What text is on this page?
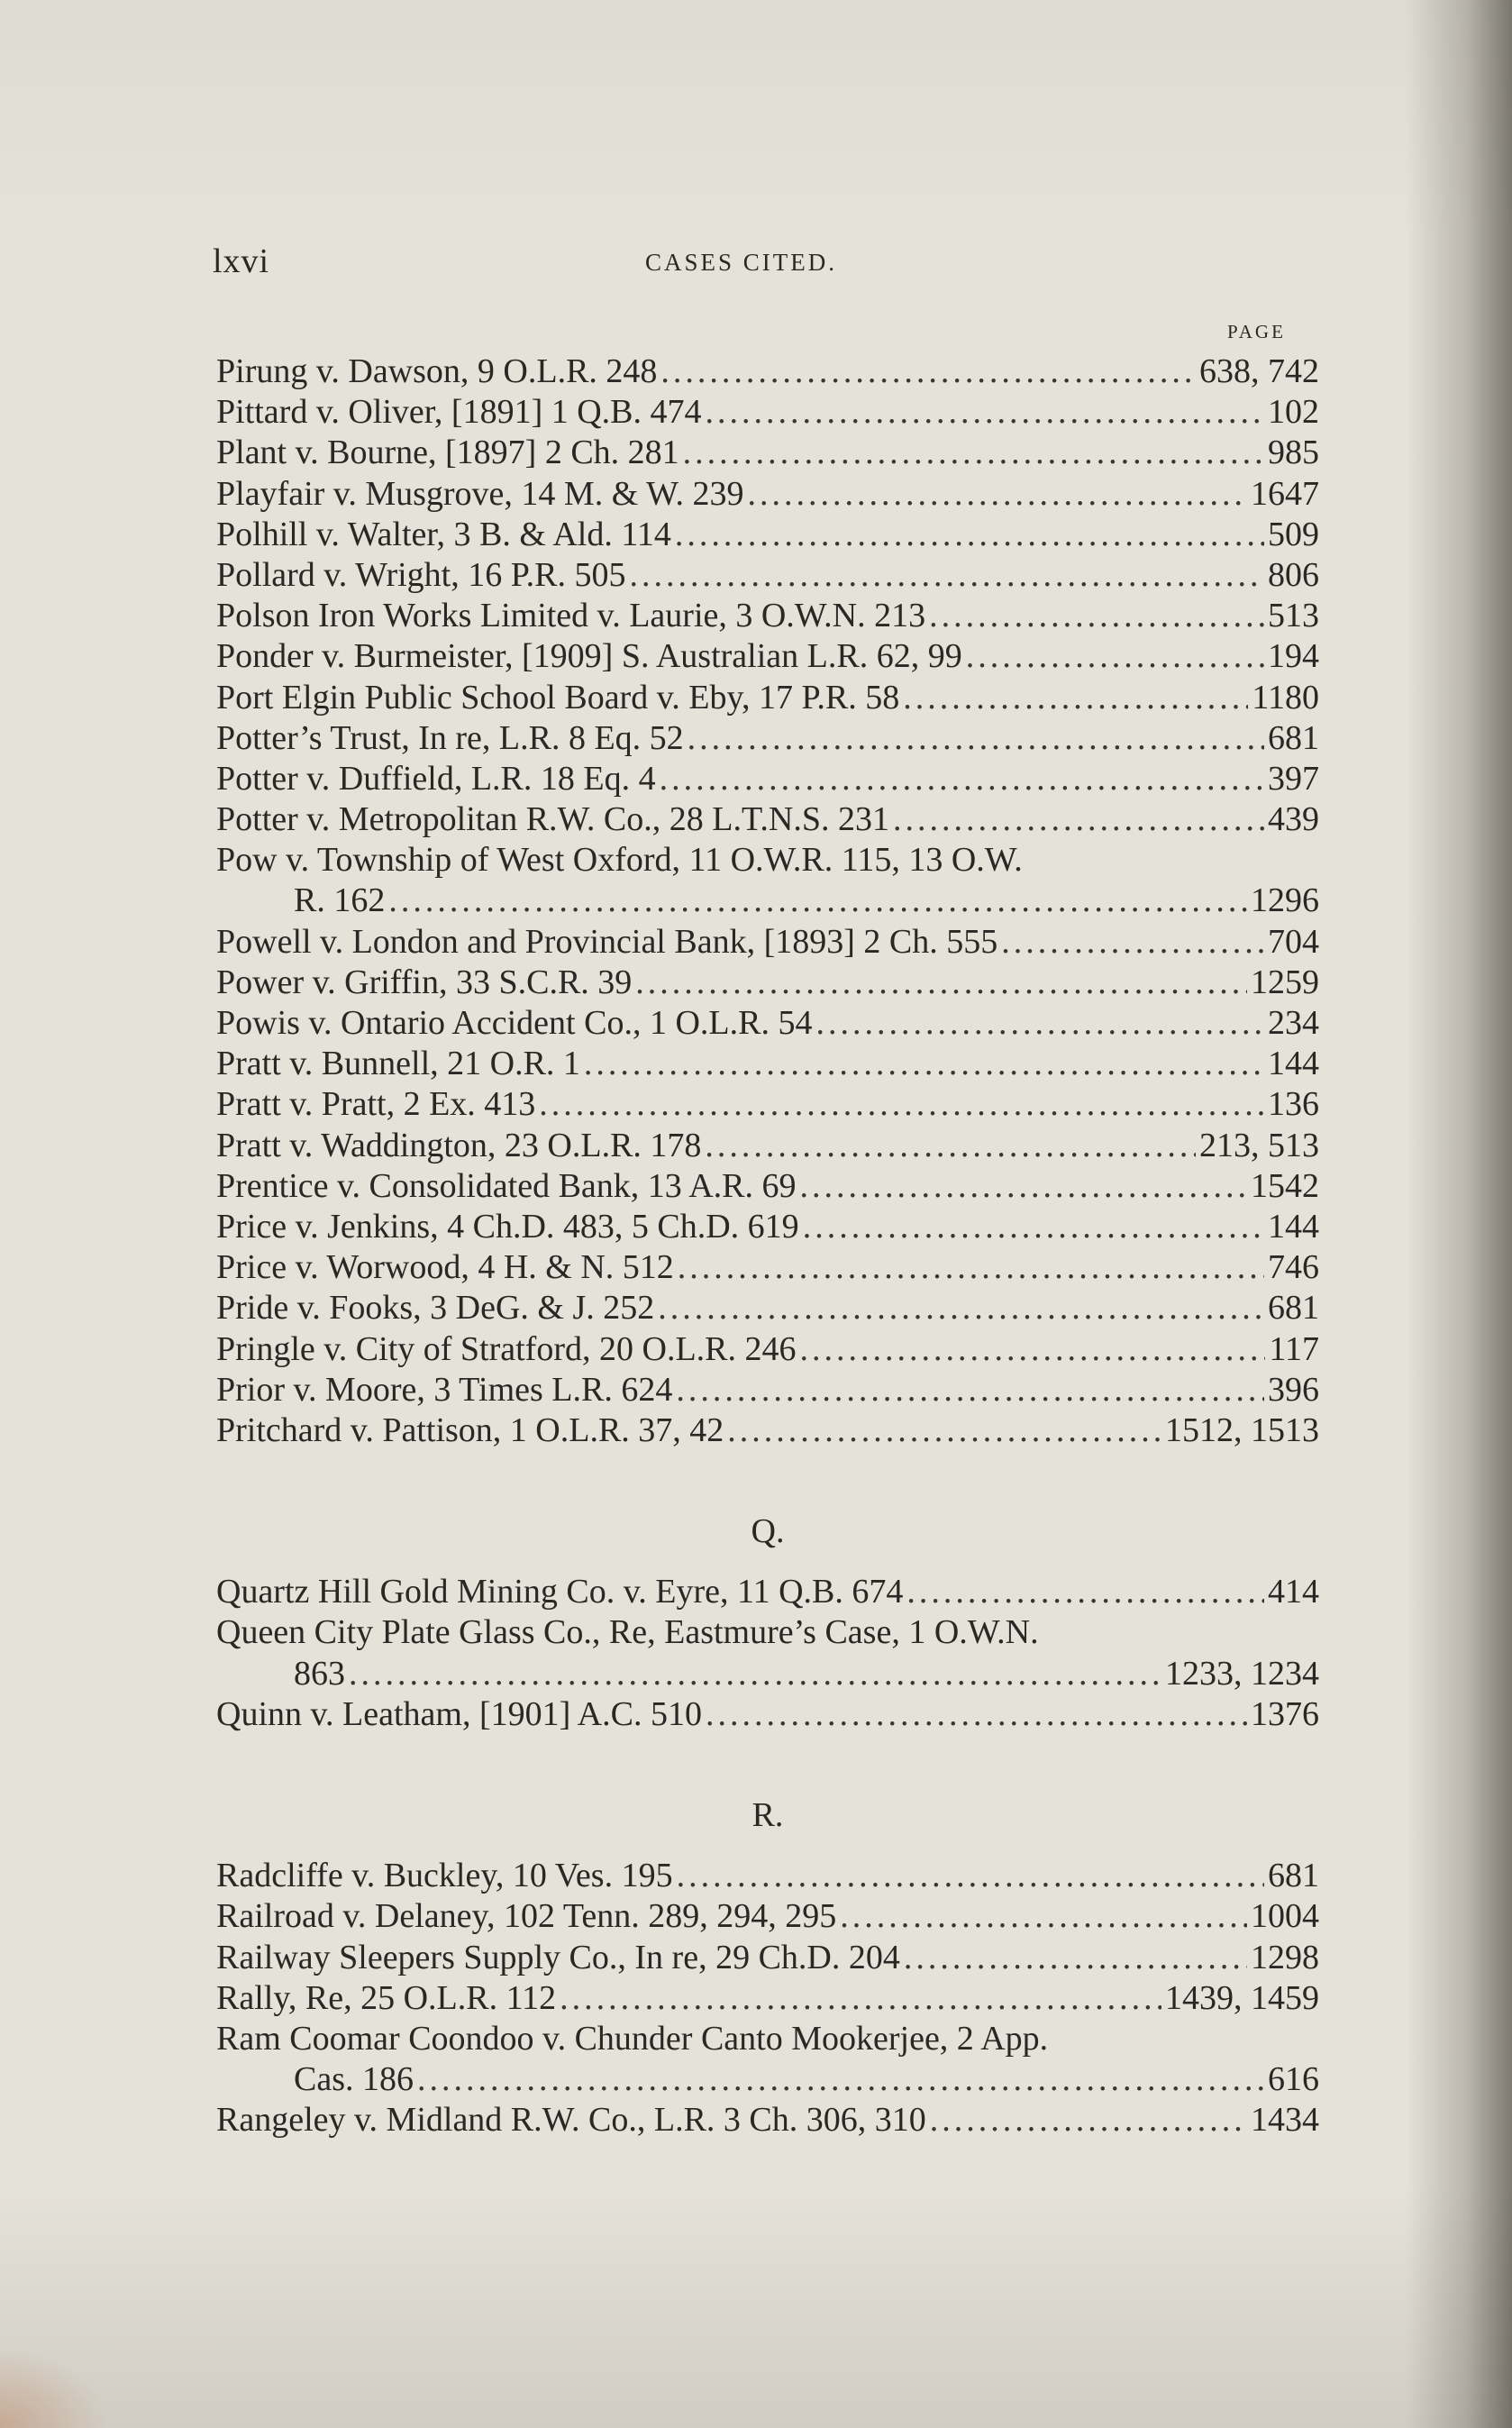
lxvi	CASES CITED.
PAGE
Pirung v. Dawson, 9 O.L.R. 248 .....	638, 742
Pittard v. Oliver, [1891] 1 Q.B. 474 .....	102
Plant v. Bourne, [1897] 2 Ch. 281 .....	985
Playfair v. Musgrove, 14 M. & W. 239 .....	1647
Polhill v. Walter, 3 B. & Ald. 114 .....	509
Pollard v. Wright, 16 P.R. 505 .....	806
Polson Iron Works Limited v. Laurie, 3 O.W.N. 213 .....	513
Ponder v. Burmeister, [1909] S. Australian L.R. 62, 99 .....	194
Port Elgin Public School Board v. Eby, 17 P.R. 58 .....	1180
Potter’s Trust, In re, L.R. 8 Eq. 52 .....	681
Potter v. Duffield, L.R. 18 Eq. 4 .....	397
Potter v. Metropolitan R.W. Co., 28 L.T.N.S. 231 .....	439
Pow v. Township of West Oxford, 11 O.W.R. 115, 13 O.W.
R. 162 .....	1296
Powell v. London and Provincial Bank, [1893] 2 Ch. 555 .....	704
Power v. Griffin, 33 S.C.R. 39 .....	1259
Powis v. Ontario Accident Co., 1 O.L.R. 54 .....	234
Pratt v. Bunnell, 21 O.R. 1 .....	144
Pratt v. Pratt, 2 Ex. 413 .....	136
Pratt v. Waddington, 23 O.L.R. 178 .....	213, 513
Prentice v. Consolidated Bank, 13 A.R. 69 .....	1542
Price v. Jenkins, 4 Ch.D. 483, 5 Ch.D. 619 .....	144
Price v. Worwood, 4 H. & N. 512 .....	746
Pride v. Fooks, 3 DeG. & J. 252 .....	681
Pringle v. City of Stratford, 20 O.L.R. 246 .....	117
Prior v. Moore, 3 Times L.R. 624 .....	396
Pritchard v. Pattison, 1 O.L.R. 37, 42 .....	1512, 1513
Q.
Quartz Hill Gold Mining Co. v. Eyre, 11 Q.B. 674 .....	414
Queen City Plate Glass Co., Re, Eastmure’s Case, 1 O.W.N.
863 .....	1233, 1234
Quinn v. Leatham, [1901] A.C. 510 .....	1376
R.
Radcliffe v. Buckley, 10 Ves. 195 .....	681
Railroad v. Delaney, 102 Tenn. 289, 294, 295 .....	1004
Railway Sleepers Supply Co., In re, 29 Ch.D. 204 .....	1298
Rally, Re, 25 O.L.R. 112 .....	1439, 1459
Ram Coomar Coondoo v. Chunder Canto Mookerjee, 2 App.
Cas. 186 .....	616
Rangeley v. Midland R.W. Co., L.R. 3 Ch. 306, 310 .....	1434
